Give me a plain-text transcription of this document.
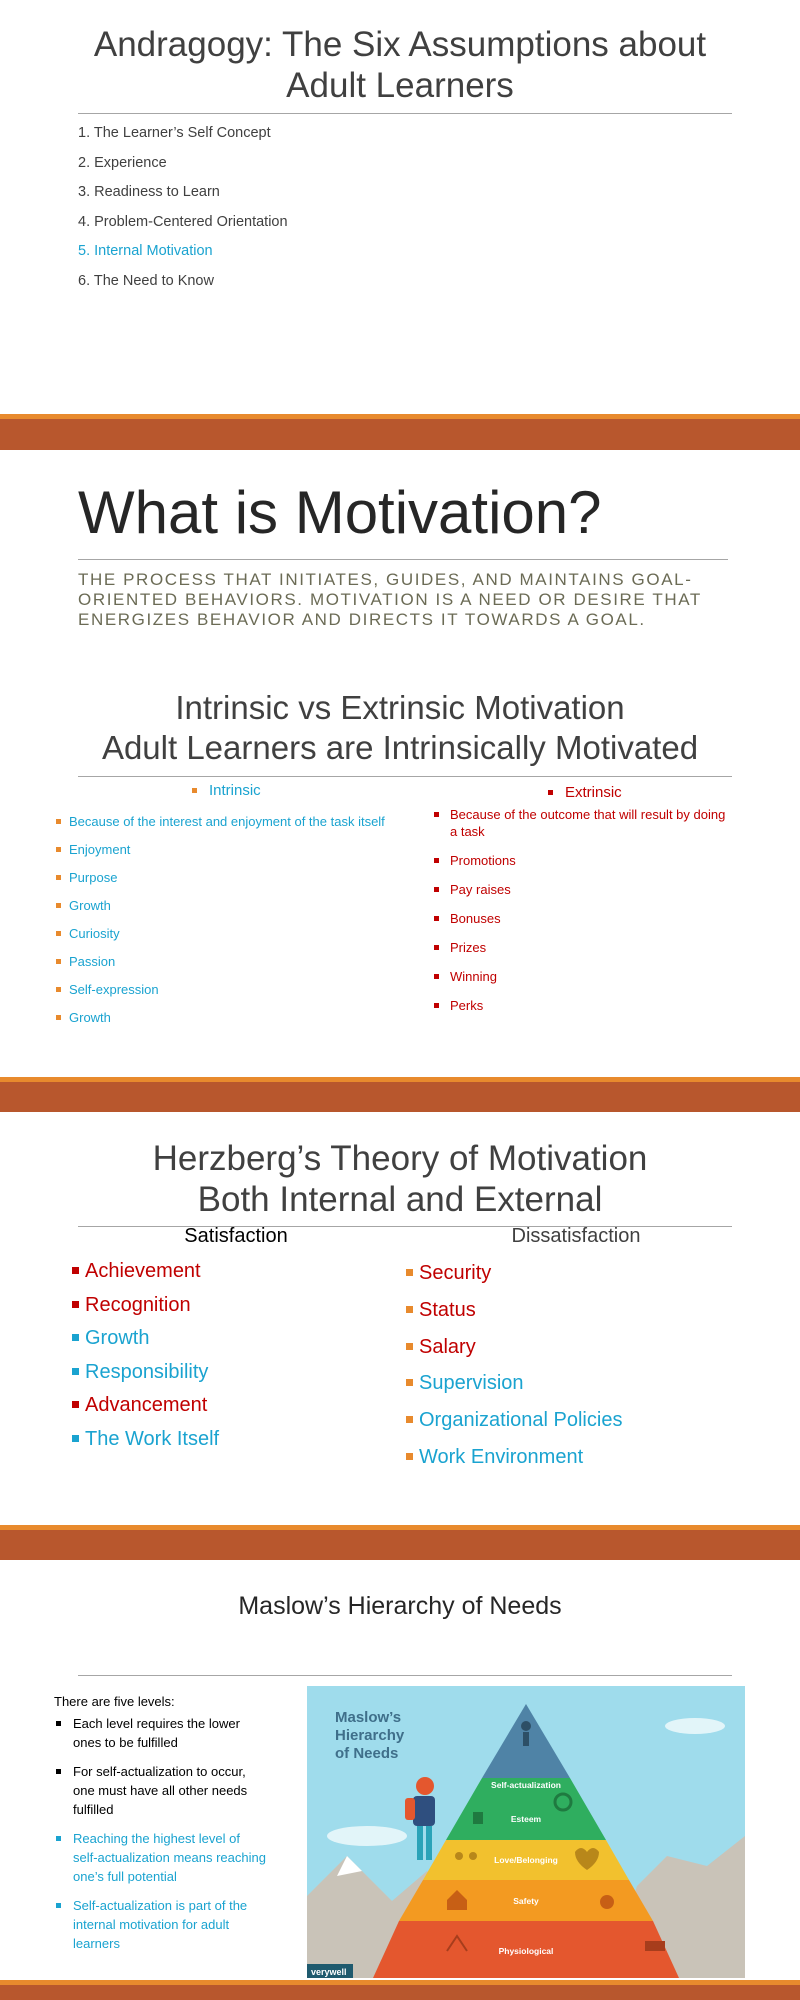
Andragogy: The Six Assumptions about Adult Learners
1. The Learner’s Self Concept
2. Experience
3. Readiness to Learn
4. Problem-Centered Orientation
5. Internal Motivation
6. The Need to Know
What is Motivation?
THE PROCESS THAT INITIATES, GUIDES, AND MAINTAINS GOAL-ORIENTED BEHAVIORS. MOTIVATION IS A NEED OR DESIRE THAT ENERGIZES BEHAVIOR AND DIRECTS IT TOWARDS A GOAL.
Intrinsic vs Extrinsic Motivation
Adult Learners are Intrinsically Motivated
Intrinsic	Extrinsic
Because of the interest and enjoyment of the task itself
Enjoyment
Purpose
Growth
Curiosity
Passion
Self-expression
Growth
Because of the outcome that will result by doing a task
Promotions
Pay raises
Bonuses
Prizes
Winning
Perks
Herzberg’s Theory of Motivation
Both Internal and External
Satisfaction	Dissatisfaction
Achievement
Recognition
Growth
Responsibility
Advancement
The Work Itself
Security
Status
Salary
Supervision
Organizational Policies
Work Environment
Maslow’s Hierarchy of Needs
There are five levels:
Each level requires the lower ones to be fulfilled
For self-actualization to occur, one must have all other needs fulfilled
Reaching the highest level of self-actualization means reaching one’s full potential
Self-actualization is part of the internal motivation for adult learners
Maslow’s
Hierarchy
of Needs
Self-actualization
Esteem
Love/Belonging
Safety
Physiological
verywell
